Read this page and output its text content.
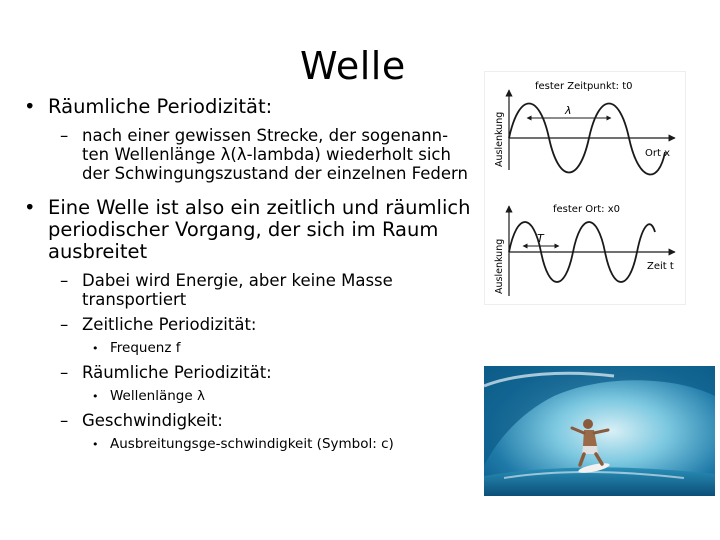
Welle
• Räumliche Periodizität:
– nach einer gewissen Strecke, der sogenann-ten Wellenlänge λ(λ-lambda) wiederholt sich der Schwingungszustand der einzelnen Federn
• Eine Welle ist also ein zeitlich und räumlich periodischer Vorgang, der sich im Raum ausbreitet
– Dabei wird Energie, aber keine Masse transportiert
– Zeitliche Periodizität:
• Frequenz f
– Räumliche Periodizität:
• Wellenlänge λ
– Geschwindigkeit:
• Ausbreitungsge-schwindigkeit (Symbol: c)
λ
fester Zeitpunkt: t0
Ort x
Auslenkung
T
fester Ort: x0
Zeit t
Auslenkung
